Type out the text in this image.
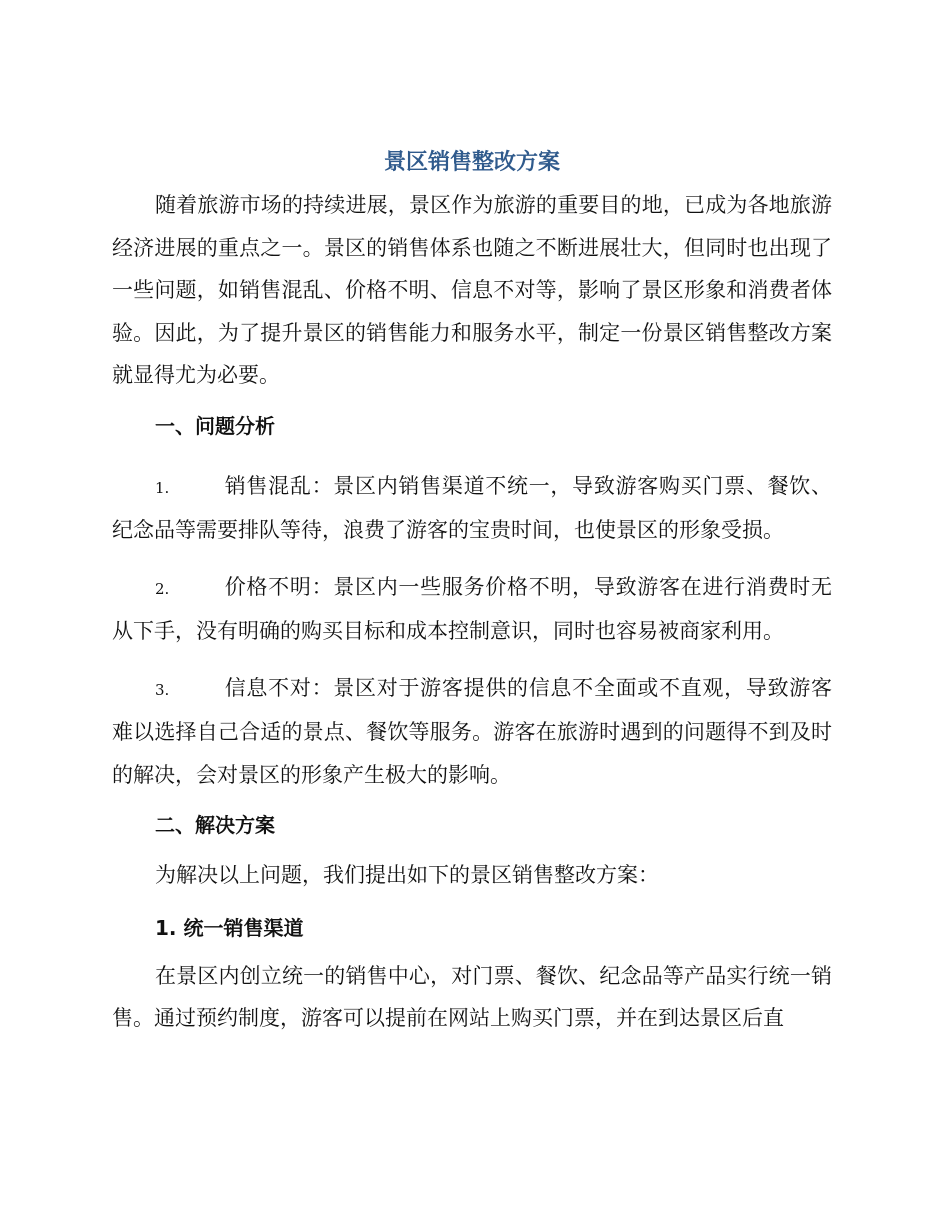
景区销售整改方案

随着旅游市场的持续进展，景区作为旅游的重要目的地，已成为各地旅游经济进展的重点之一。景区的销售体系也随之不断进展壮大，但同时也出现了一些问题，如销售混乱、价格不明、信息不对等，影响了景区形象和消费者体验。因此，为了提升景区的销售能力和服务水平，制定一份景区销售整改方案就显得尤为必要。

一、问题分析

1.	销售混乱：景区内销售渠道不统一，导致游客购买门票、餐饮、纪念品等需要排队等待，浪费了游客的宝贵时间，也使景区的形象受损。

2.	价格不明：景区内一些服务价格不明，导致游客在进行消费时无从下手，没有明确的购买目标和成本控制意识，同时也容易被商家利用。

3.	信息不对：景区对于游客提供的信息不全面或不直观，导致游客难以选择自己合适的景点、餐饮等服务。游客在旅游时遇到的问题得不到及时的解决，会对景区的形象产生极大的影响。

二、解决方案

为解决以上问题，我们提出如下的景区销售整改方案：

1. 统一销售渠道

在景区内创立统一的销售中心，对门票、餐饮、纪念品等产品实行统一销售。通过预约制度，游客可以提前在网站上购买门票，并在到达景区后直
